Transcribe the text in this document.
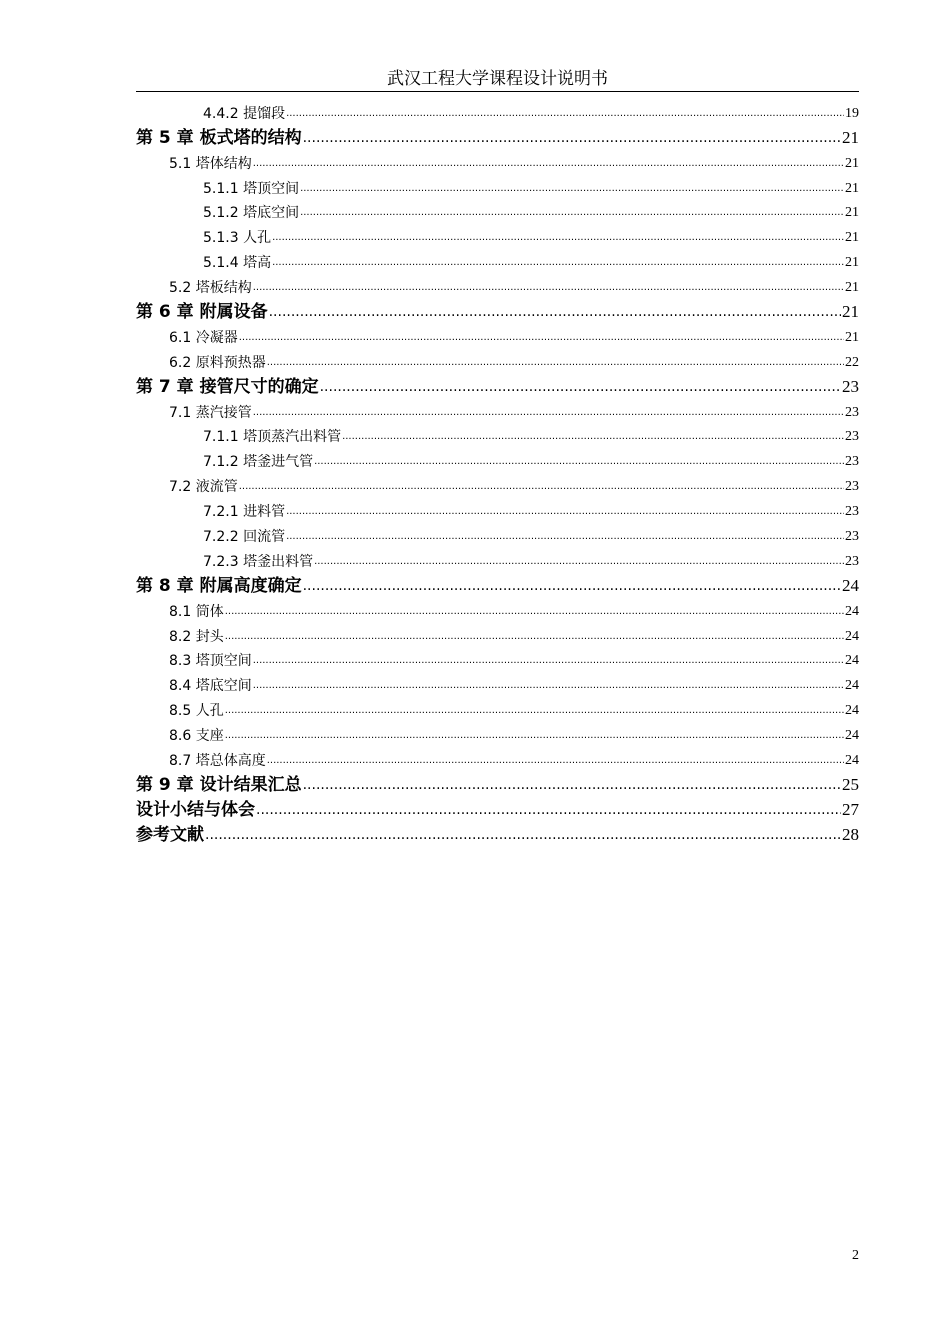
武汉工程大学课程设计说明书
4.4.2 提馏段 .....	19
第 5 章 板式塔的结构 .....	21
5.1 塔体结构 .....	21
5.1.1 塔顶空间 .....	21
5.1.2 塔底空间 .....	21
5.1.3 人孔 .....	21
5.1.4 塔高 .....	21
5.2 塔板结构 .....	21
第 6 章 附属设备 .....	21
6.1 冷凝器 .....	21
6.2 原料预热器 .....	22
第 7 章 接管尺寸的确定 .....	23
7.1 蒸汽接管 .....	23
7.1.1 塔顶蒸汽出料管 .....	23
7.1.2 塔釜进气管 .....	23
7.2 液流管 .....	23
7.2.1 进料管 .....	23
7.2.2 回流管 .....	23
7.2.3 塔釜出料管 .....	23
第 8 章 附属高度确定 .....	24
8.1 筒体 .....	24
8.2 封头 .....	24
8.3 塔顶空间 .....	24
8.4 塔底空间 .....	24
8.5 人孔 .....	24
8.6 支座 .....	24
8.7 塔总体高度 .....	24
第 9 章 设计结果汇总 .....	25
设计小结与体会 .....	27
参考文献 .....	28
2
